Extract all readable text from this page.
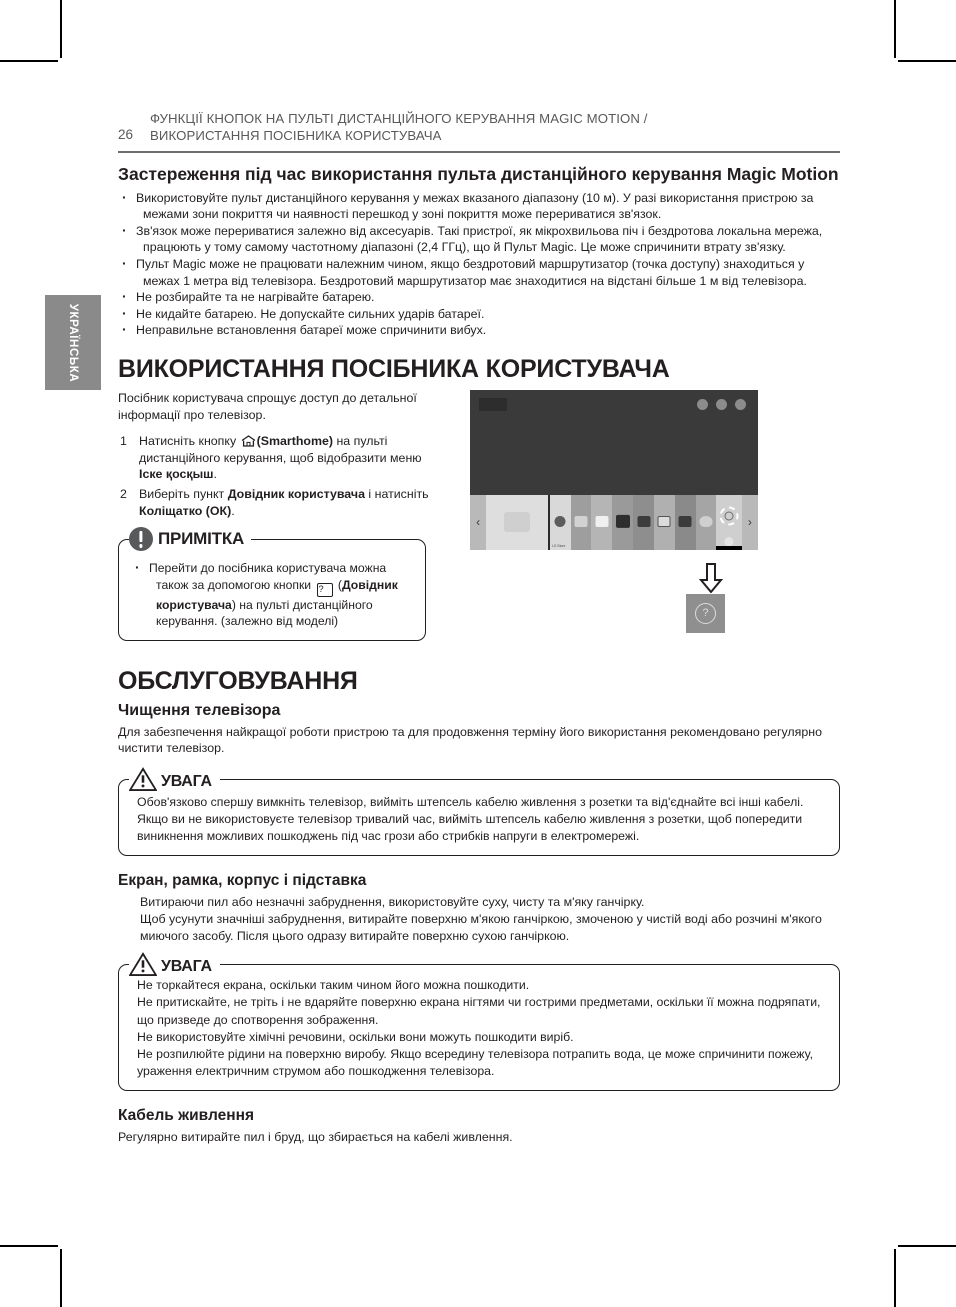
УКРАЇНСЬКА
ФУНКЦІЇ КНОПОК НА ПУЛЬТІ ДИСТАНЦІЙНОГО КЕРУВАННЯ MAGIC MOTION /
ВИКОРИСТАННЯ ПОСІБНИКА КОРИСТУВАЧА
26
Застереження під час використання пульта дистанційного керування Magic Motion
· Використовуйте пульт дистанційного керування у межах вказаного діапазону (10 м). У разі використання пристрою за межами зони покриття чи наявності перешкод у зоні покриття може перериватися зв'язок.
· Зв'язок може перериватися залежно від аксесуарів. Такі пристрої, як мікрохвильова піч і бездротова локальна мережа, працюють у тому самому частотному діапазоні (2,4 ГГц), що й Пульт Magic. Це може спричинити втрату зв'язку.
· Пульт Magic може не працювати належним чином, якщо бездротовий маршрутизатор (точка доступу) знаходиться у межах 1 метра від телевізора. Бездротовий маршрутизатор має знаходитися на відстані більше 1 м від телевізора.
· Не розбирайте та не нагрівайте батарею.
· Не кидайте батарею. Не допускайте сильних ударів батареї.
· Неправильне встановлення батареї може спричинити вибух.
ВИКОРИСТАННЯ ПОСІБНИКА КОРИСТУВАЧА
Посібник користувача спрощує доступ до детальної інформації про телевізор.
1 Натисніть кнопку (Smarthome) на пульті дистанційного керування, щоб відобразити меню Іске қосқыш.
2 Виберіть пункт Довідник користувача і натисніть Коліщатко (ОК).
ПРИМІТКА
· Перейти до посібника користувача можна також за допомогою кнопки ? (Довідник користувача) на пульті дистанційного керування. (залежно від моделі)
‹
LG Store
›
?
ОБСЛУГОВУВАННЯ
Чищення телевізора
Для забезпечення найкращої роботи пристрою та для продовження терміну його використання рекомендовано регулярно чистити телевізор.
УВАГА

Обов'язково спершу вимкніть телевізор, вийміть штепсель кабелю живлення з розетки та від'єднайте всі інші кабелі.

Якщо ви не використовуєте телевізор тривалий час, вийміть штепсель кабелю живлення з розетки, щоб попередити виникнення можливих пошкоджень під час грози або стрибків напруги в електромережі.

Екран, рамка, корпус і підставка
Витираючи пил або незначні забруднення, використовуйте суху, чисту та м'яку ганчірку.
Щоб усунути значніші забруднення, витирайте поверхню м'якою ганчіркою, змоченою у чистій воді або розчині м'якого миючого засобу. Після цього одразу витирайте поверхню сухою ганчіркою.
УВАГА

Не торкайтеся екрана, оскільки таким чином його можна пошкодити.

Не притискайте, не тріть і не вдаряйте поверхню екрана нігтями чи гострими предметами, оскільки її можна подряпати, що призведе до спотворення зображення.

Не використовуйте хімічні речовини, оскільки вони можуть пошкодити виріб.

Не розпилюйте рідини на поверхню виробу. Якщо всередину телевізора потрапить вода, це може спричинити пожежу, ураження електричним струмом або пошкодження телевізора.

Кабель живлення
Регулярно витирайте пил і бруд, що збирається на кабелі живлення.
